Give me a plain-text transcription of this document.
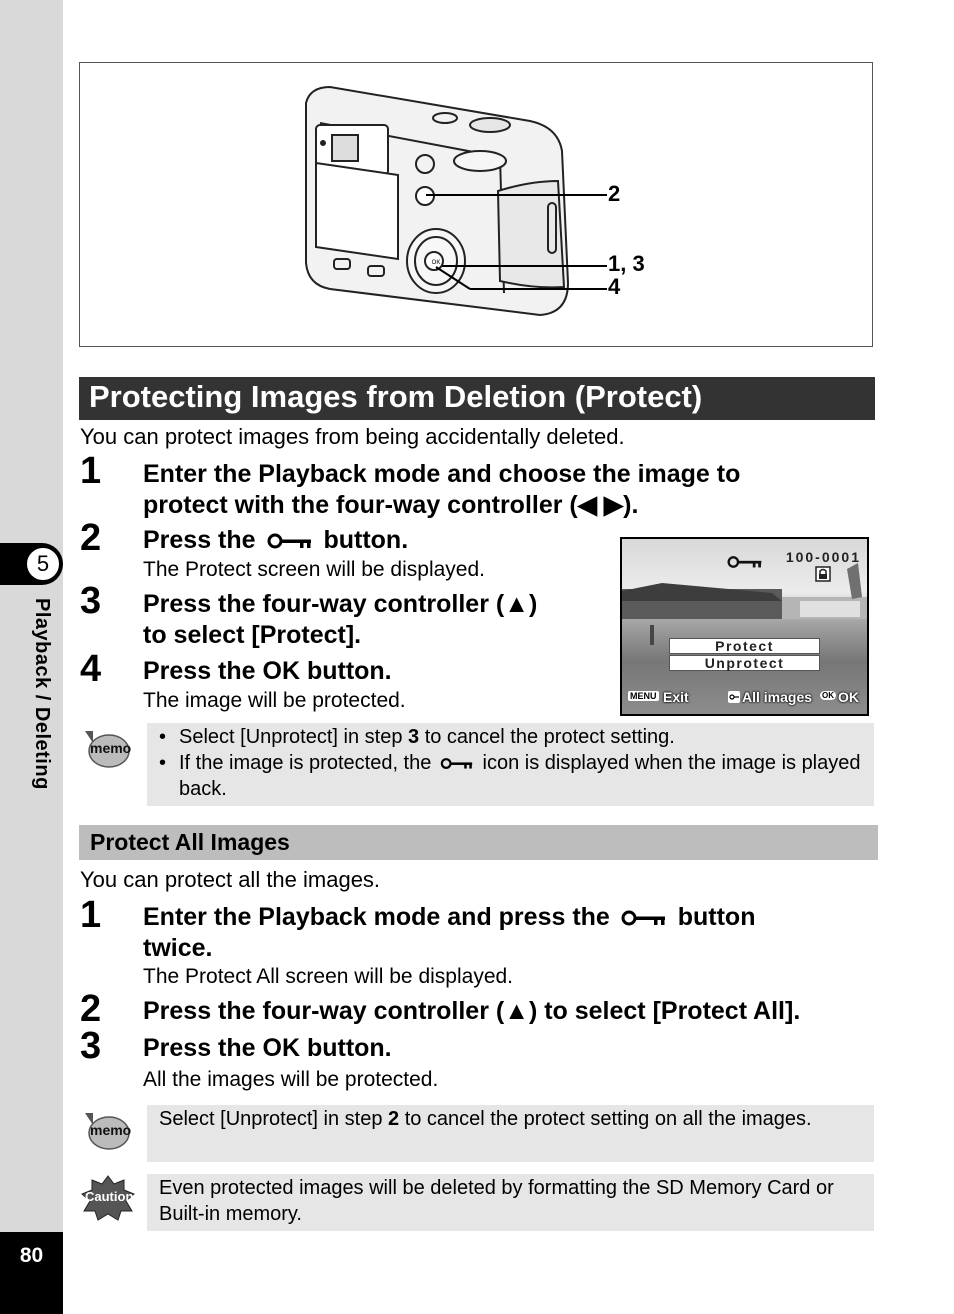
5
Playback / Deleting
80
OK
2
1, 3
4
Protecting Images from Deletion (Protect)
You can protect images from being accidentally deleted.
1 Enter the Playback mode and choose the image to
protect with the four-way controller (◀ ▶).
2 Press the	button.
The Protect screen will be displayed.
3 Press the four-way controller (▲)
to select [Protect].
4 Press the OK button.
The image will be protected.
100-0001
Protect
Unprotect
MENU Exit	All images OK OK
memo
•	Select [Unprotect] in step 3 to cancel the protect setting.
• If the image is protected, the	icon is displayed when the image is played back.
Protect All Images
You can protect all the images.
1 Enter the Playback mode and press the	button
twice.
The Protect All screen will be displayed.
2 Press the four-way controller (▲) to select [Protect All].
3 Press the OK button.
All the images will be protected.
memo	Select [Unprotect] in step 2 to cancel the protect setting on all the images.
Caution	Even protected images will be deleted by formatting the SD Memory Card or Built-in memory.
